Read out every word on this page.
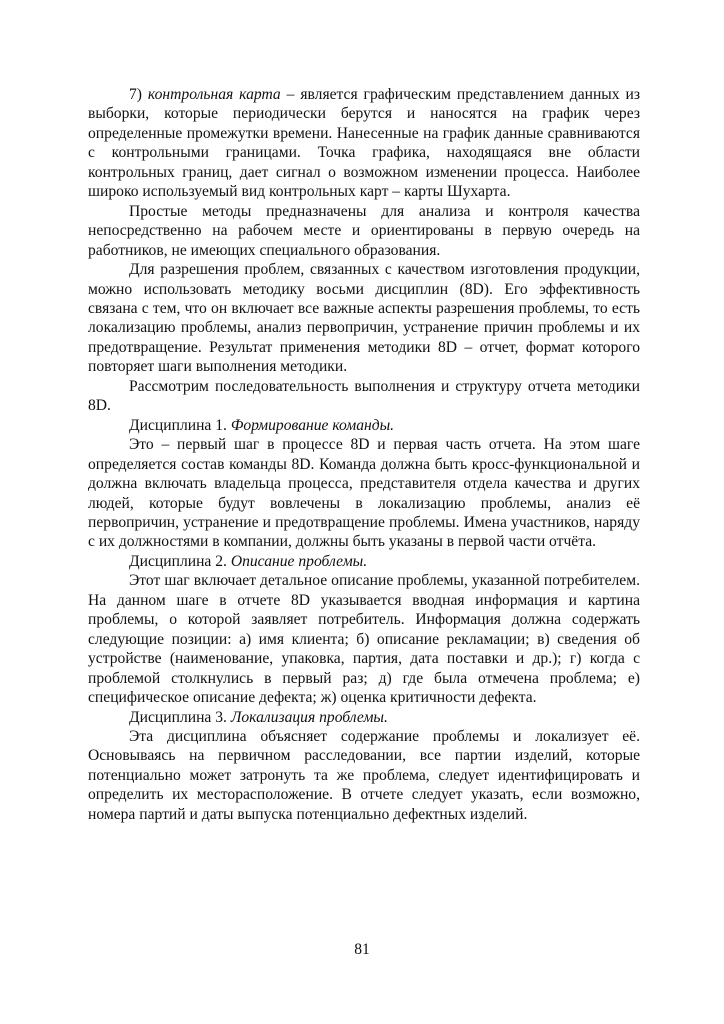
7) контрольная карта – является графическим представлением данных из выборки, которые периодически берутся и наносятся на график через определенные промежутки времени. Нанесенные на график данные сравниваются с контрольными границами. Точка графика, находящаяся вне области контрольных границ, дает сигнал о возможном изменении процесса. Наиболее широко используемый вид контрольных карт – карты Шухарта.

Простые методы предназначены для анализа и контроля качества непосредственно на рабочем месте и ориентированы в первую очередь на работников, не имеющих специального образования.

Для разрешения проблем, связанных с качеством изготовления продукции, можно использовать методику восьми дисциплин (8D). Его эффективность связана с тем, что он включает все важные аспекты разрешения проблемы, то есть локализацию проблемы, анализ первопричин, устранение причин проблемы и их предотвращение. Результат применения методики 8D – отчет, формат которого повторяет шаги выполнения методики.

Рассмотрим последовательность выполнения и структуру отчета методики 8D.

Дисциплина 1. Формирование команды.

Это – первый шаг в процессе 8D и первая часть отчета. На этом шаге определяется состав команды 8D. Команда должна быть кросс-функциональной и должна включать владельца процесса, представителя отдела качества и других людей, которые будут вовлечены в локализацию проблемы, анализ её первопричин, устранение и предотвращение проблемы. Имена участников, наряду с их должностями в компании, должны быть указаны в первой части отчёта.

Дисциплина 2. Описание проблемы.

Этот шаг включает детальное описание проблемы, указанной потребителем. На данном шаге в отчете 8D указывается вводная информация и картина проблемы, о которой заявляет потребитель. Информация должна содержать следующие позиции: а) имя клиента; б) описание рекламации; в) сведения об устройстве (наименование, упаковка, партия, дата поставки и др.); г) когда с проблемой столкнулись в первый раз; д) где была отмечена проблема; е) специфическое описание дефекта; ж) оценка критичности дефекта.

Дисциплина 3. Локализация проблемы.

Эта дисциплина объясняет содержание проблемы и локализует её. Основываясь на первичном расследовании, все партии изделий, которые потенциально может затронуть та же проблема, следует идентифицировать и определить их месторасположение. В отчете следует указать, если возможно, номера партий и даты выпуска потенциально дефектных изделий.

81
